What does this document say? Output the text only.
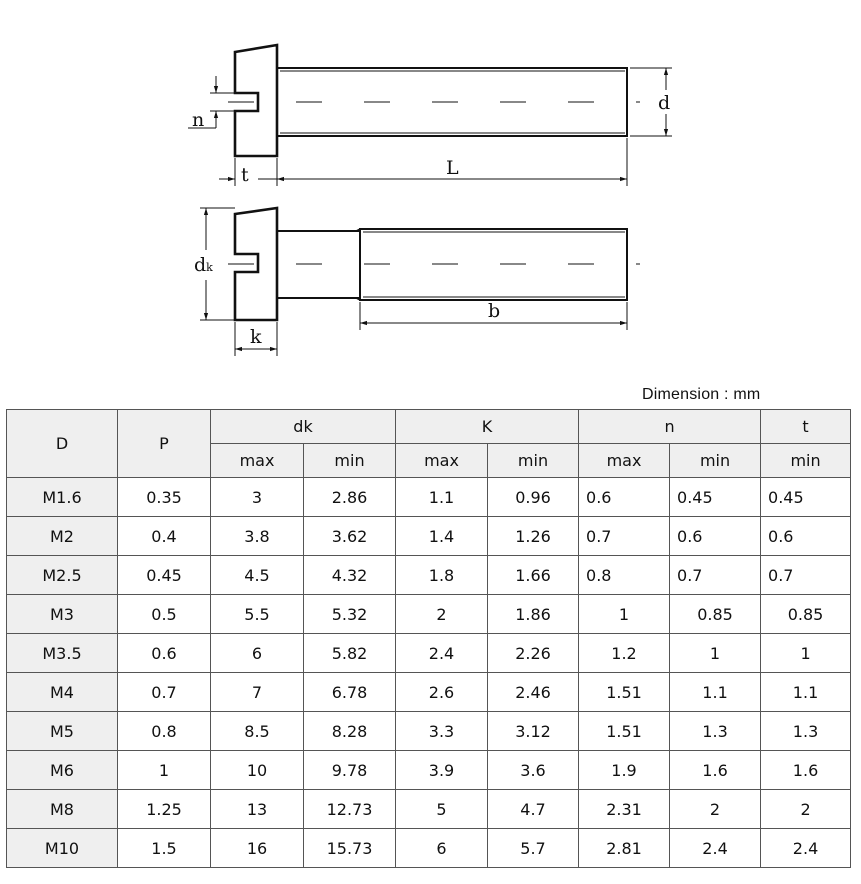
n
t	L
d
dk
k
b
Dimension : mm
D	P	dk		K		n		t
		max	min	max	min	max	min	min
M1.6	0.35	3	2.86	1.1	0.96	0.6	0.45	0.45
M2	0.4	3.8	3.62	1.4	1.26	0.7	0.6	0.6
M2.5	0.45	4.5	4.32	1.8	1.66	0.8	0.7	0.7
M3	0.5	5.5	5.32	2	1.86	1	0.85	0.85
M3.5	0.6	6	5.82	2.4	2.26	1.2	1	1
M4	0.7	7	6.78	2.6	2.46	1.51	1.1	1.1
M5	0.8	8.5	8.28	3.3	3.12	1.51	1.3	1.3
M6	1	10	9.78	3.9	3.6	1.9	1.6	1.6
M8	1.25	13	12.73	5	4.7	2.31	2	2
M10	1.5	16	15.73	6	5.7	2.81	2.4	2.4
